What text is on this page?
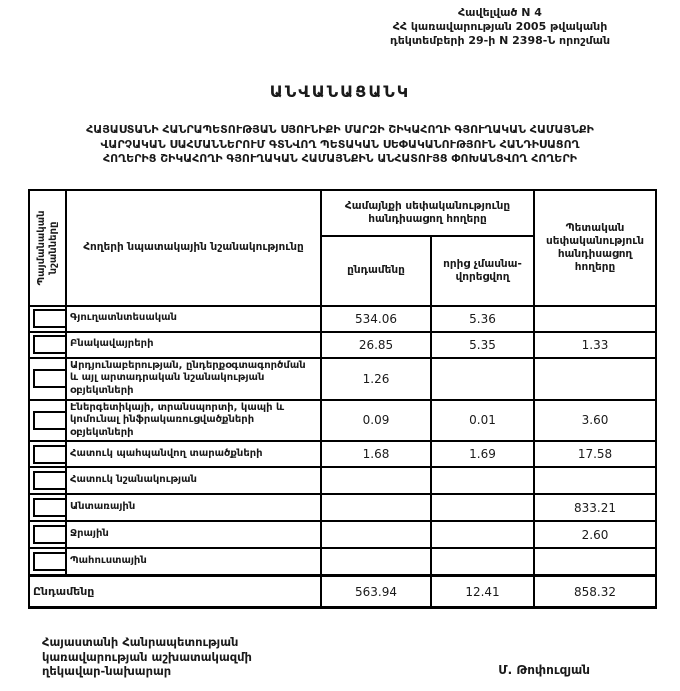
Հավելված N 4
ՀՀ կառավարության 2005 թվականի
դեկտեմբերի 29-ի N 2398-Ն որոշման
ԱՆՎԱՆԱՑԱՆԿ
ՀԱՅԱՍՏԱՆԻ ՀԱՆՐԱՊԵՏՈՒԹՅԱՆ ՍՅՈՒՆԻՔԻ ՄԱՐԶԻ ՇԻԿԱՀՈՂԻ ԳՅՈՒՂԱԿԱՆ ՀԱՄԱՅՆՔԻ
ՎԱՐՉԱԿԱՆ ՍԱՀՄԱՆՆԵՐՈՒՄ ԳՏՆՎՈՂ ՊԵՏԱԿԱՆ ՍԵՓԱԿԱՆՈՒԹՅՈՒՆ ՀԱՆԴԻՍԱՑՈՂ
ՀՈՂԵՐԻՑ ՇԻԿԱՀՈՂԻ ԳՅՈՒՂԱԿԱՆ ՀԱՄԱՅՆՔԻՆ ԱՆՀԱՏՈՒՅՑ ՓՈԽԱՆՑՎՈՂ ՀՈՂԵՐԻ
Պայմանական նշանները	Հողերի նպատակային նշանակությունը	Համայնքի սեփականությունը հանդիսացող հողերը		Պետական սեփականություն հանդիսացող հողերը
		ընդամենը	որից չմասնա-վորեցվող	

	Գյուղատնտեսական	534.06	5.36	

	Բնակավայրերի	26.85	5.35	1.33

	Արդյունաբերության, ընդերքօգտագործման և այլ արտադրական նշանակության օբյեկտների	1.26		

	Էներգետիկայի, տրանսպորտի, կապի և կոմունալ ինֆրակառուցվածքների օբյեկտների	0.09	0.01	3.60

	Հատուկ պահպանվող տարածքների	1.68	1.69	17.58

	Հատուկ նշանակության			

	Անտառային			833.21

	Ջրային			2.60

	Պահուստային			
Ընդամենը		563.94	12.41	858.32
Հայաստանի Հանրապետության
կառավարության աշխատակազմի
ղեկավար-նախարար	Մ. Թոփուզյան
